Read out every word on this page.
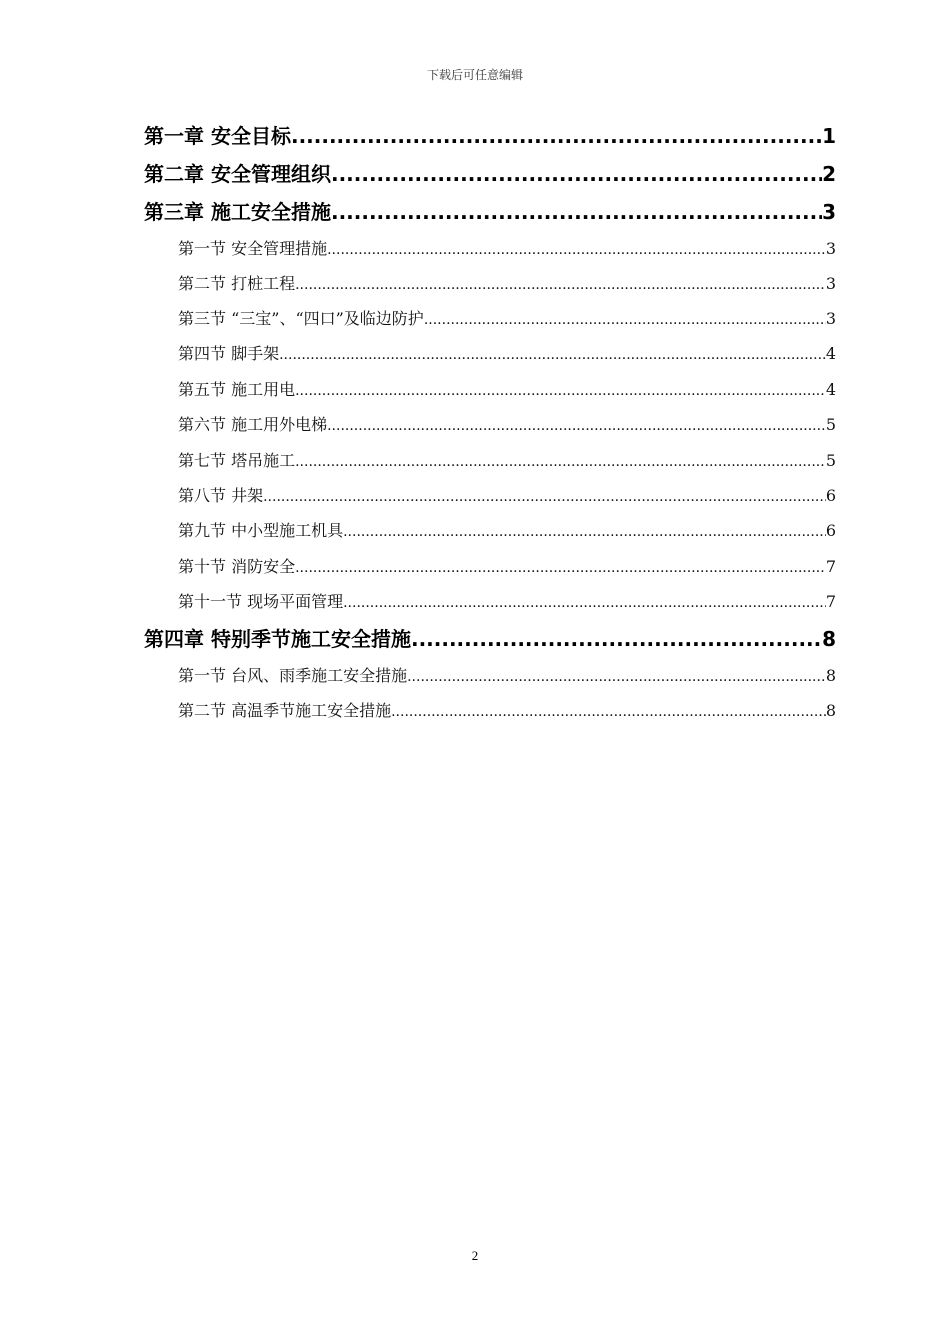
下载后可任意编辑
第一章 安全目标 .....	1
第二章 安全管理组织 .....	2
第三章 施工安全措施 .....	3
第一节 安全管理措施 .....	3
第二节 打桩工程 .....	3
第三节 “三宝”、“四口”及临边防护 .....	3
第四节 脚手架 .....	4
第五节 施工用电 .....	4
第六节 施工用外电梯 .....	5
第七节 塔吊施工 .....	5
第八节 井架 .....	6
第九节 中小型施工机具 .....	6
第十节 消防安全 .....	7
第十一节 现场平面管理 .....	7
第四章 特别季节施工安全措施 .....	8
第一节 台风、雨季施工安全措施 .....	8
第二节 高温季节施工安全措施 .....	8
2
